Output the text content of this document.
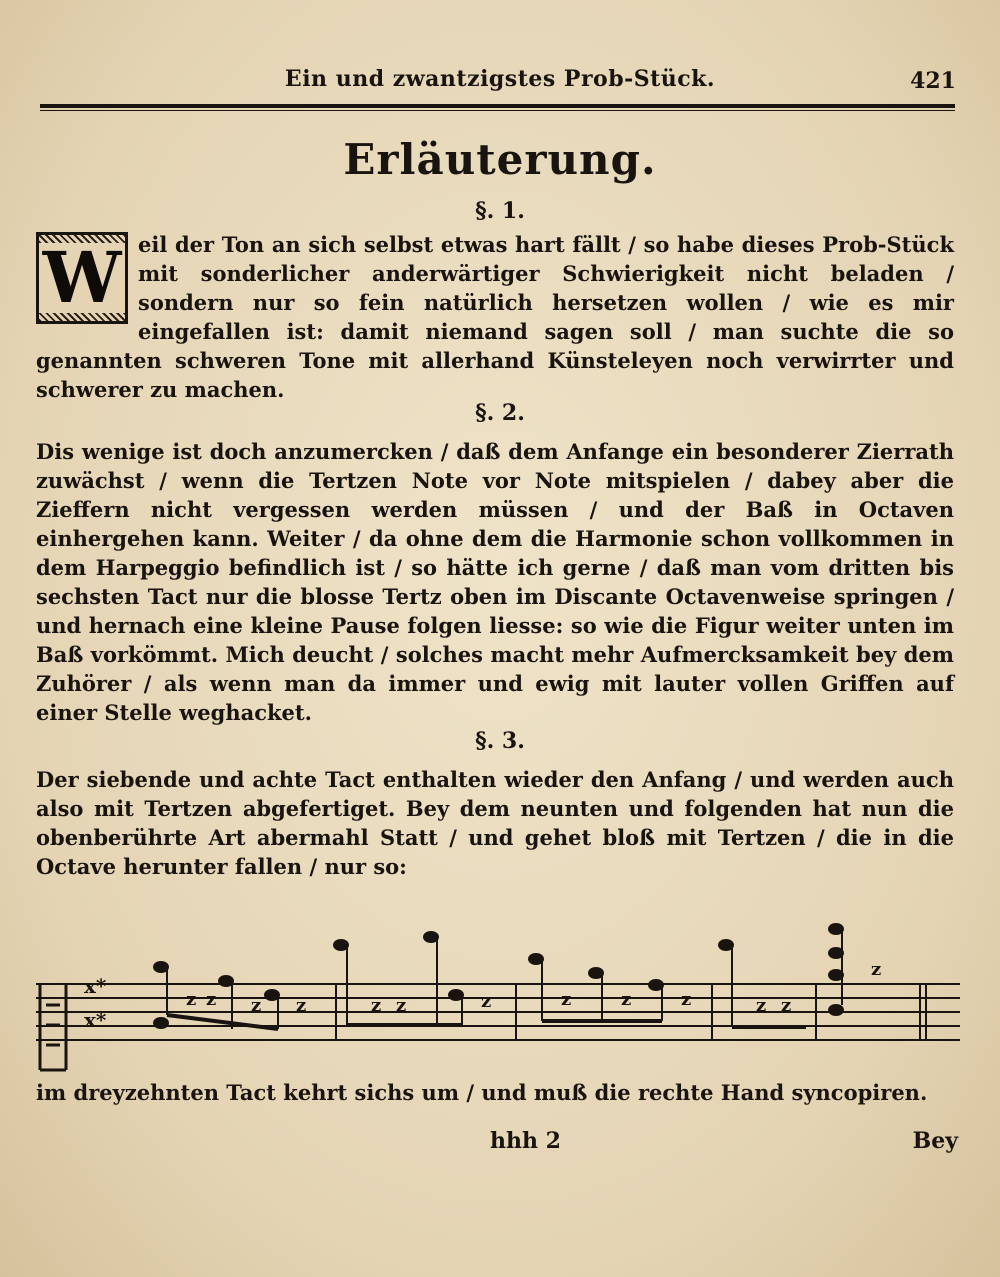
Ein und zwantzigstes Prob-Stück.	421
Erläuterung.
§. 1.
W eil der Ton an sich selbst etwas hart fällt / so habe dieses Prob-Stück mit sonderlicher anderwärtiger Schwierigkeit nicht beladen / sondern nur so fein natürlich hersetzen wollen / wie es mir eingefallen ist: damit niemand sagen soll / man suchte die so genannten schweren Tone mit allerhand Künsteleyen noch verwirrter und schwerer zu machen.
§. 2.
Dis wenige ist doch anzumercken / daß dem Anfange ein besonderer Zierrath zuwächst / wenn die Tertzen Note vor Note mitspielen / dabey aber die Zieffern nicht vergessen werden müssen / und der Baß in Octaven einhergehen kann. Weiter / da ohne dem die Harmonie schon vollkommen in dem Harpeggio befindlich ist / so hätte ich gerne / daß man vom dritten bis sechsten Tact nur die blosse Tertz oben im Discante Octavenweise springen / und hernach eine kleine Pause folgen liesse: so wie die Figur weiter unten im Baß vorkömmt. Mich deucht / solches macht mehr Aufmercksamkeit bey dem Zuhörer / als wenn man da immer und ewig mit lauter vollen Griffen auf einer Stelle weghacket.
§. 3.
Der siebende und achte Tact enthalten wieder den Anfang / und werden auch also mit Tertzen abgefertiget. Bey dem neunten und folgenden hat nun die obenberührte Art abermahl Statt / und gehet bloß mit Tertzen / die in die Octave herunter fallen / nur so:
x*
x*
z z z z	z z	z	z	z	z	z z
z
im dreyzehnten Tact kehrt sichs um / und muß die rechte Hand syncopiren.
hhh 2	Bey
